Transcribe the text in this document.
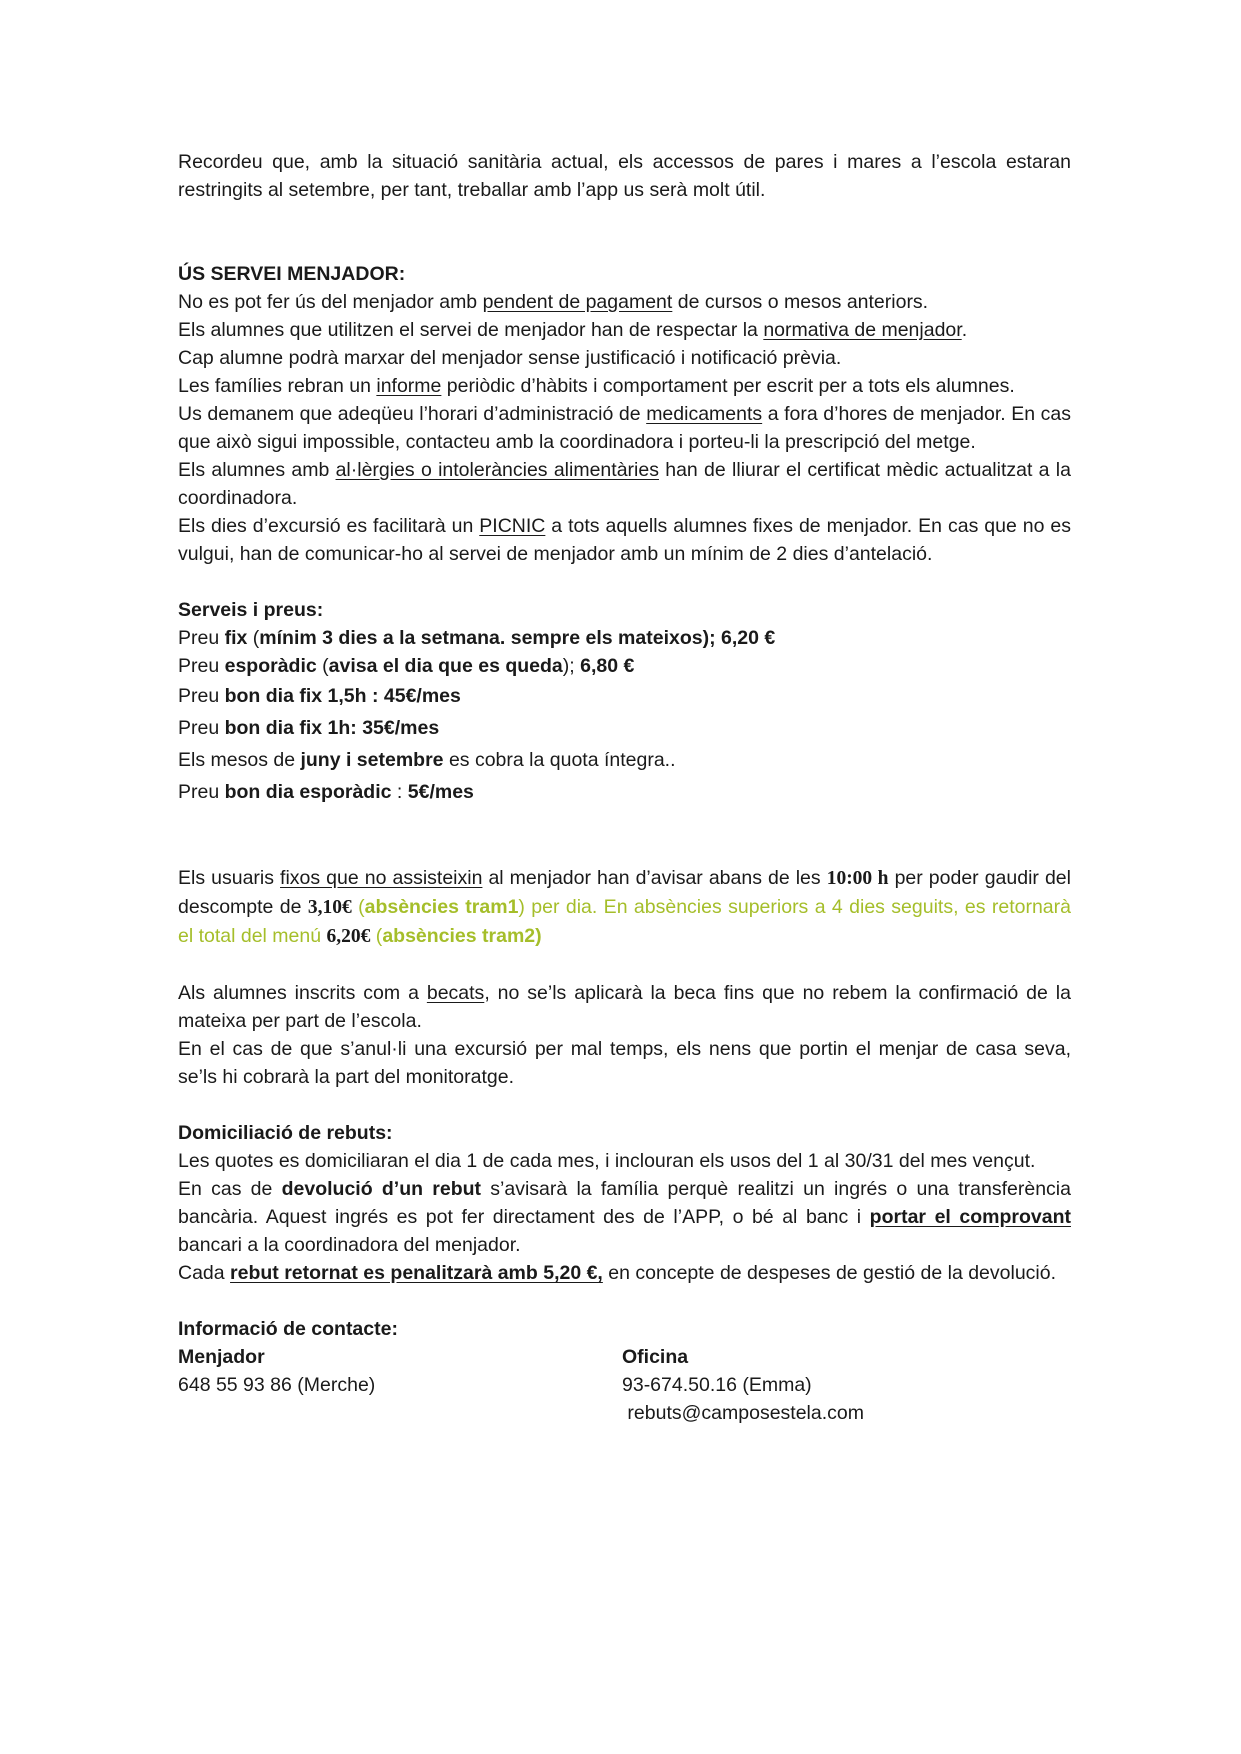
Recordeu que, amb la situació sanitària actual, els accessos de pares i mares a l’escola estaran restringits al setembre, per tant, treballar amb l’app us serà molt útil.

ÚS SERVEI MENJADOR:

No es pot fer ús del menjador amb pendent de pagament de cursos o mesos anteriors.

Els alumnes que utilitzen el servei de menjador han de respectar la normativa de menjador.

Cap alumne podrà marxar del menjador sense justificació i notificació prèvia.

Les famílies rebran un informe periòdic d’hàbits i comportament per escrit per a tots els alumnes.

Us demanem que adeqüeu l’horari d’administració de medicaments a fora d’hores de menjador. En cas que això sigui impossible, contacteu amb la coordinadora i porteu-li la prescripció del metge.

Els alumnes amb al·lèrgies o intoleràncies alimentàries han de lliurar el certificat mèdic actualitzat a la coordinadora.

Els dies d’excursió es facilitarà un PICNIC a tots aquells alumnes fixes de menjador. En cas que no es vulgui, han de comunicar-ho al servei de menjador amb un mínim de 2 dies d’antelació.

Serveis i preus:

Preu fix (mínim 3 dies a la setmana. sempre els mateixos); 6,20 €

Preu esporàdic (avisa el dia que es queda); 6,80 €

Preu bon dia fix 1,5h : 45€/mes

Preu bon dia fix 1h: 35€/mes

Els mesos de juny i setembre es cobra la quota íntegra..

Preu bon dia esporàdic : 5€/mes

Els usuaris fixos que no assisteixin al menjador han d’avisar abans de les 10:00 h per poder gaudir del descompte de 3,10€ (absències tram1) per dia. En absències superiors a 4 dies seguits, es retornarà el total del menú 6,20€ (absències tram2)

Als alumnes inscrits com a becats, no se’ls aplicarà la beca fins que no rebem la confirmació de la mateixa per part de l’escola.

En el cas de que s’anul·li una excursió per mal temps, els nens que portin el menjar de casa seva, se’ls hi cobrarà la part del monitoratge.

Domiciliació de rebuts:

Les quotes es domiciliaran el dia 1 de cada mes, i inclouran els usos del 1 al 30/31 del mes vençut.

En cas de devolució d’un rebut s’avisarà la família perquè realitzi un ingrés o una transferència bancària. Aquest ingrés es pot fer directament des de l’APP, o bé al banc i portar el comprovant bancari a la coordinadora del menjador.

Cada rebut retornat es penalitzarà amb 5,20 €, en concepte de despeses de gestió de la devolució.

Informació de contacte:

Menjador

648 55 93 86 (Merche)

Oficina

93-674.50.16 (Emma)

rebuts@camposestela.com
